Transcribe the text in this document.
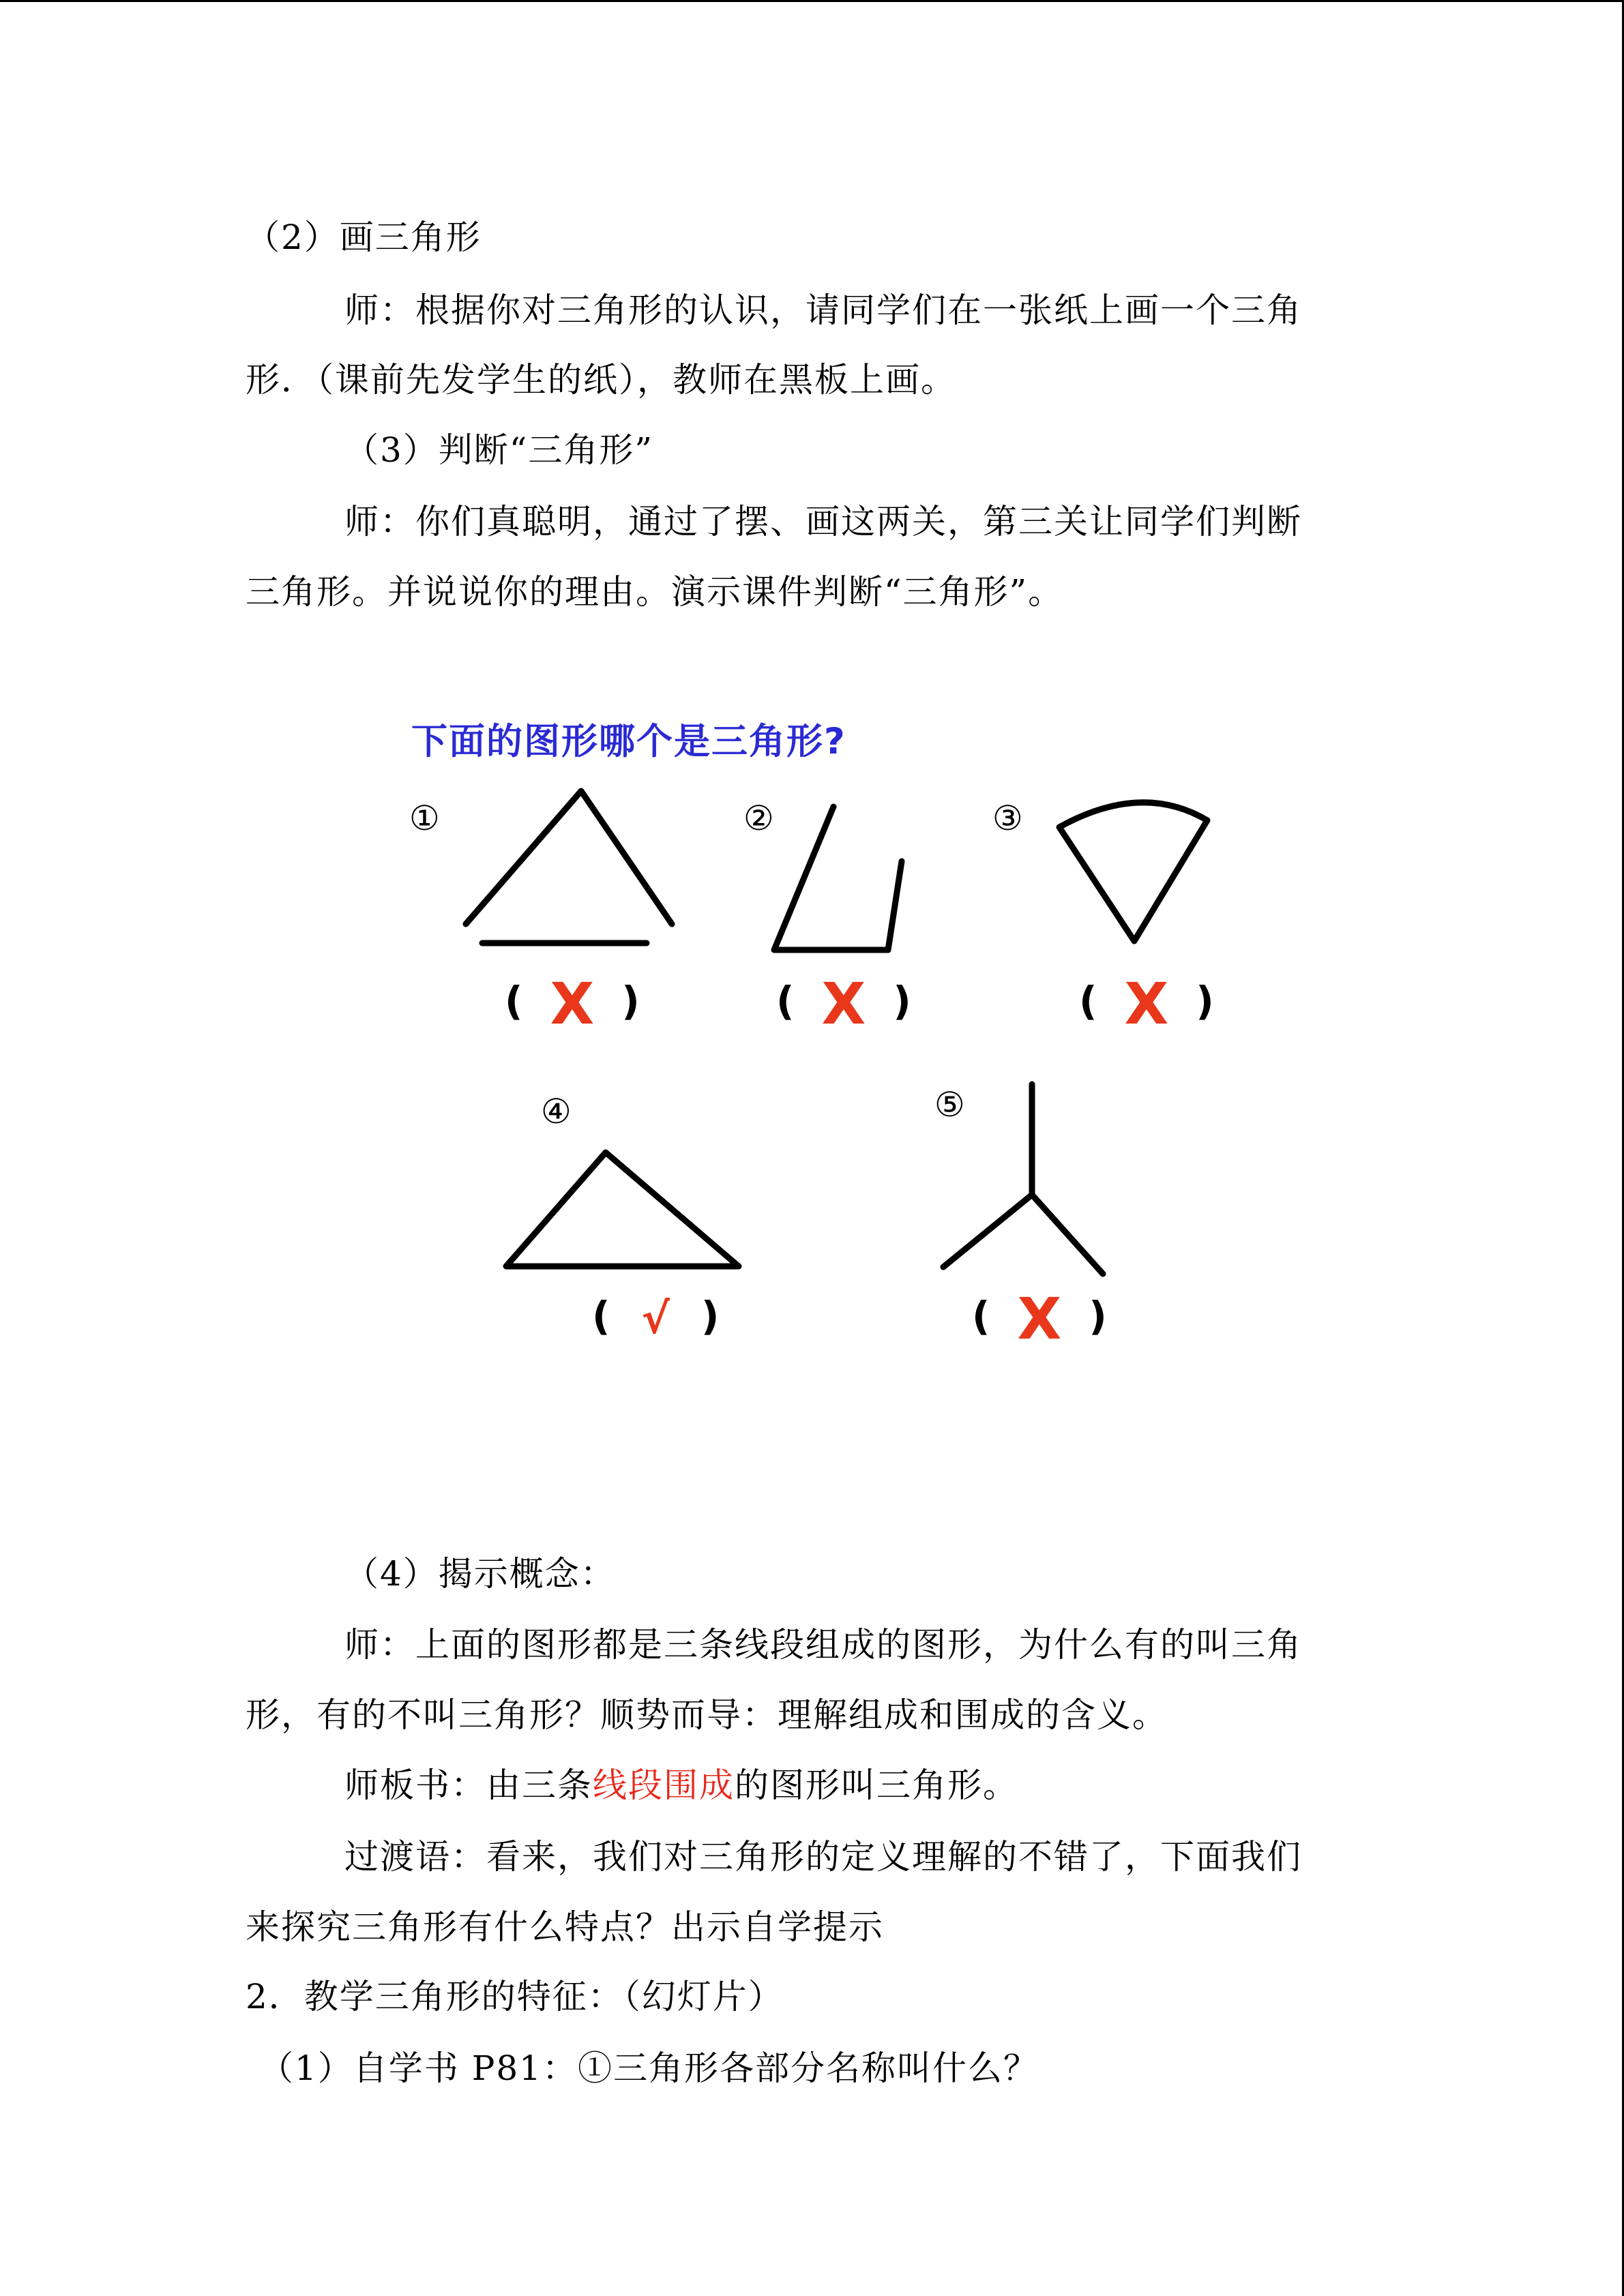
（2）画三角形

师：根据你对三角形的认识，请同学们在一张纸上画一个三角

形．（课前先发学生的纸），教师在黑板上画。

（3）判断“三角形”

师：你们真聪明，通过了摆、画这两关，第三关让同学们判断

三角形。并说说你的理由。演示课件判断“三角形”。

下面的图形哪个是三角形?

①	②	③
④	⑤
( X )	( X )	( X )
( √ )	( X )

（4）揭示概念：

师：上面的图形都是三条线段组成的图形，为什么有的叫三角

形，有的不叫三角形？顺势而导：理解组成和围成的含义。

师板书：由三条线段围成的图形叫三角形。

过渡语：看来，我们对三角形的定义理解的不错了，下面我们

来探究三角形有什么特点？出示自学提示

2．教学三角形的特征：（幻灯片）

（1）自学书 P81：①三角形各部分名称叫什么？
